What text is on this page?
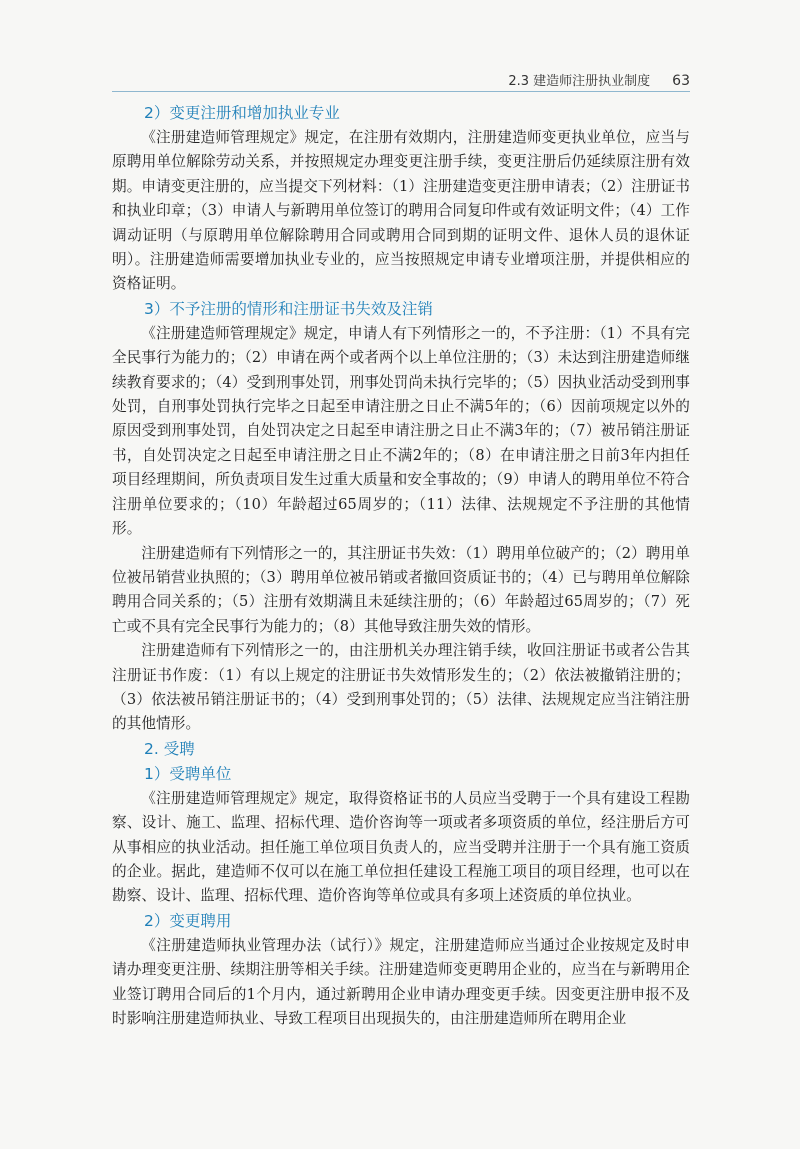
2.3 建造师注册执业制度 63
2）变更注册和增加执业专业

《注册建造师管理规定》规定，在注册有效期内，注册建造师变更执业单位，应当与原聘用单位解除劳动关系，并按照规定办理变更注册手续，变更注册后仍延续原注册有效期。申请变更注册的，应当提交下列材料：（1）注册建造变更注册申请表；（2）注册证书和执业印章；（3）申请人与新聘用单位签订的聘用合同复印件或有效证明文件；（4）工作调动证明（与原聘用单位解除聘用合同或聘用合同到期的证明文件、退休人员的退休证明）。注册建造师需要增加执业专业的，应当按照规定申请专业增项注册，并提供相应的资格证明。

3）不予注册的情形和注册证书失效及注销

《注册建造师管理规定》规定，申请人有下列情形之一的，不予注册：（1）不具有完全民事行为能力的；（2）申请在两个或者两个以上单位注册的；（3）未达到注册建造师继续教育要求的；（4）受到刑事处罚，刑事处罚尚未执行完毕的；（5）因执业活动受到刑事处罚，自刑事处罚执行完毕之日起至申请注册之日止不满5年的；（6）因前项规定以外的原因受到刑事处罚，自处罚决定之日起至申请注册之日止不满3年的；（7）被吊销注册证书，自处罚决定之日起至申请注册之日止不满2年的；（8）在申请注册之日前3年内担任项目经理期间，所负责项目发生过重大质量和安全事故的；（9）申请人的聘用单位不符合注册单位要求的；（10）年龄超过65周岁的；（11）法律、法规规定不予注册的其他情形。

注册建造师有下列情形之一的，其注册证书失效：（1）聘用单位破产的；（2）聘用单位被吊销营业执照的；（3）聘用单位被吊销或者撤回资质证书的；（4）已与聘用单位解除聘用合同关系的；（5）注册有效期满且未延续注册的；（6）年龄超过65周岁的；（7）死亡或不具有完全民事行为能力的；（8）其他导致注册失效的情形。

注册建造师有下列情形之一的，由注册机关办理注销手续，收回注册证书或者公告其注册证书作废：（1）有以上规定的注册证书失效情形发生的；（2）依法被撤销注册的；（3）依法被吊销注册证书的；（4）受到刑事处罚的；（5）法律、法规规定应当注销注册的其他情形。

2. 受聘
1）受聘单位

《注册建造师管理规定》规定，取得资格证书的人员应当受聘于一个具有建设工程勘察、设计、施工、监理、招标代理、造价咨询等一项或者多项资质的单位，经注册后方可从事相应的执业活动。担任施工单位项目负责人的，应当受聘并注册于一个具有施工资质的企业。据此，建造师不仅可以在施工单位担任建设工程施工项目的项目经理，也可以在勘察、设计、监理、招标代理、造价咨询等单位或具有多项上述资质的单位执业。

2）变更聘用

《注册建造师执业管理办法（试行）》规定，注册建造师应当通过企业按规定及时申请办理变更注册、续期注册等相关手续。注册建造师变更聘用企业的，应当在与新聘用企业签订聘用合同后的1个月内，通过新聘用企业申请办理变更手续。因变更注册申报不及时影响注册建造师执业、导致工程项目出现损失的，由注册建造师所在聘用企业
